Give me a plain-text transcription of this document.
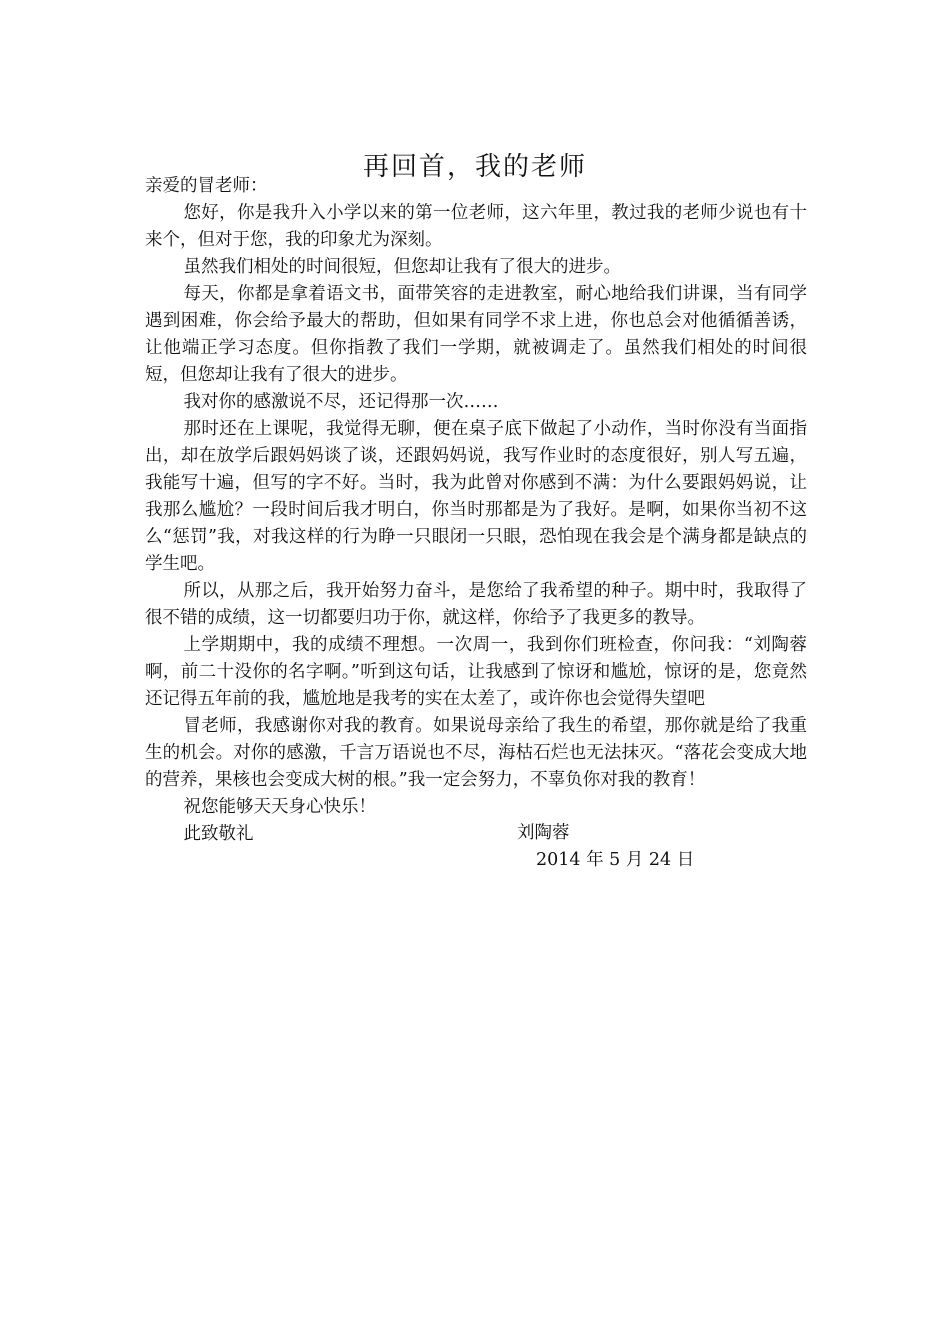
再回首，我的老师

亲爱的冒老师：

您好，你是我升入小学以来的第一位老师，这六年里，教过我的老师少说也有十来个，但对于您，我的印象尤为深刻。

虽然我们相处的时间很短，但您却让我有了很大的进步。

每天，你都是拿着语文书，面带笑容的走进教室，耐心地给我们讲课，当有同学遇到困难，你会给予最大的帮助，但如果有同学不求上进，你也总会对他循循善诱，让他端正学习态度。但你指教了我们一学期，就被调走了。虽然我们相处的时间很短，但您却让我有了很大的进步。

我对你的感激说不尽，还记得那一次……

那时还在上课呢，我觉得无聊，便在桌子底下做起了小动作，当时你没有当面指出，却在放学后跟妈妈谈了谈，还跟妈妈说，我写作业时的态度很好，别人写五遍，我能写十遍，但写的字不好。当时，我为此曾对你感到不满：为什么要跟妈妈说，让我那么尴尬？一段时间后我才明白，你当时那都是为了我好。是啊，如果你当初不这么“惩罚”我，对我这样的行为睁一只眼闭一只眼，恐怕现在我会是个满身都是缺点的学生吧。

所以，从那之后，我开始努力奋斗，是您给了我希望的种子。期中时，我取得了很不错的成绩，这一切都要归功于你，就这样，你给予了我更多的教导。

上学期期中，我的成绩不理想。一次周一，我到你们班检查，你问我：“刘陶蓉啊，前二十没你的名字啊。”听到这句话，让我感到了惊讶和尴尬，惊讶的是，您竟然还记得五年前的我，尴尬地是我考的实在太差了，或许你也会觉得失望吧

冒老师，我感谢你对我的教育。如果说母亲给了我生的希望，那你就是给了我重生的机会。对你的感激，千言万语说也不尽，海枯石烂也无法抹灭。“落花会变成大地的营养，果核也会变成大树的根。”我一定会努力，不辜负你对我的教育！

祝您能够天天身心快乐！

此致敬礼	刘陶蓉
2014 年 5 月 24 日
